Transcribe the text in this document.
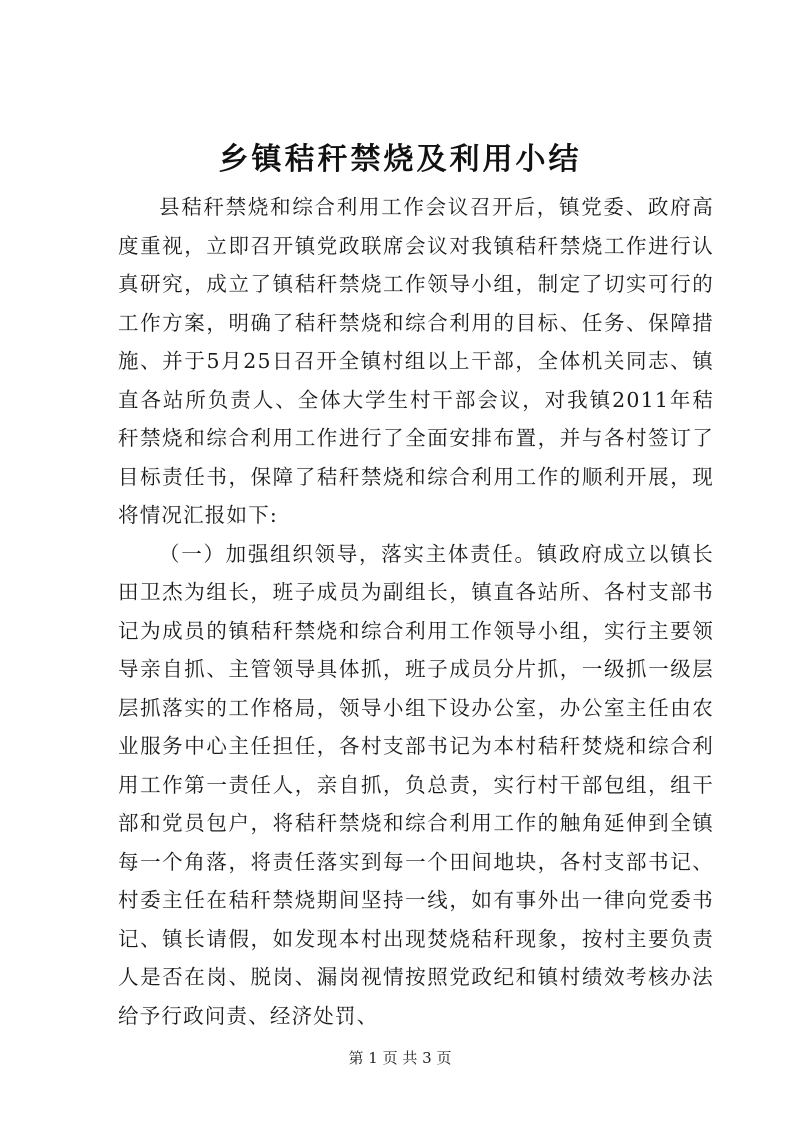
乡镇秸秆禁烧及利用小结

县秸秆禁烧和综合利用工作会议召开后，镇党委、政府高度重视，立即召开镇党政联席会议对我镇秸秆禁烧工作进行认真研究，成立了镇秸秆禁烧工作领导小组，制定了切实可行的工作方案，明确了秸秆禁烧和综合利用的目标、任务、保障措施、并于5月25日召开全镇村组以上干部，全体机关同志、镇直各站所负责人、全体大学生村干部会议，对我镇2011年秸秆禁烧和综合利用工作进行了全面安排布置，并与各村签订了目标责任书，保障了秸秆禁烧和综合利用工作的顺利开展，现将情况汇报如下:

（一）加强组织领导，落实主体责任。镇政府成立以镇长田卫杰为组长，班子成员为副组长，镇直各站所、各村支部书记为成员的镇秸秆禁烧和综合利用工作领导小组，实行主要领导亲自抓、主管领导具体抓，班子成员分片抓，一级抓一级层层抓落实的工作格局，领导小组下设办公室，办公室主任由农业服务中心主任担任，各村支部书记为本村秸秆焚烧和综合利用工作第一责任人，亲自抓，负总责，实行村干部包组，组干部和党员包户，将秸秆禁烧和综合利用工作的触角延伸到全镇每一个角落，将责任落实到每一个田间地块，各村支部书记、村委主任在秸秆禁烧期间坚持一线，如有事外出一律向党委书记、镇长请假，如发现本村出现焚烧秸秆现象，按村主要负责人是否在岗、脱岗、漏岗视情按照党政纪和镇村绩效考核办法给予行政问责、经济处罚、

第 1 页 共 3 页
